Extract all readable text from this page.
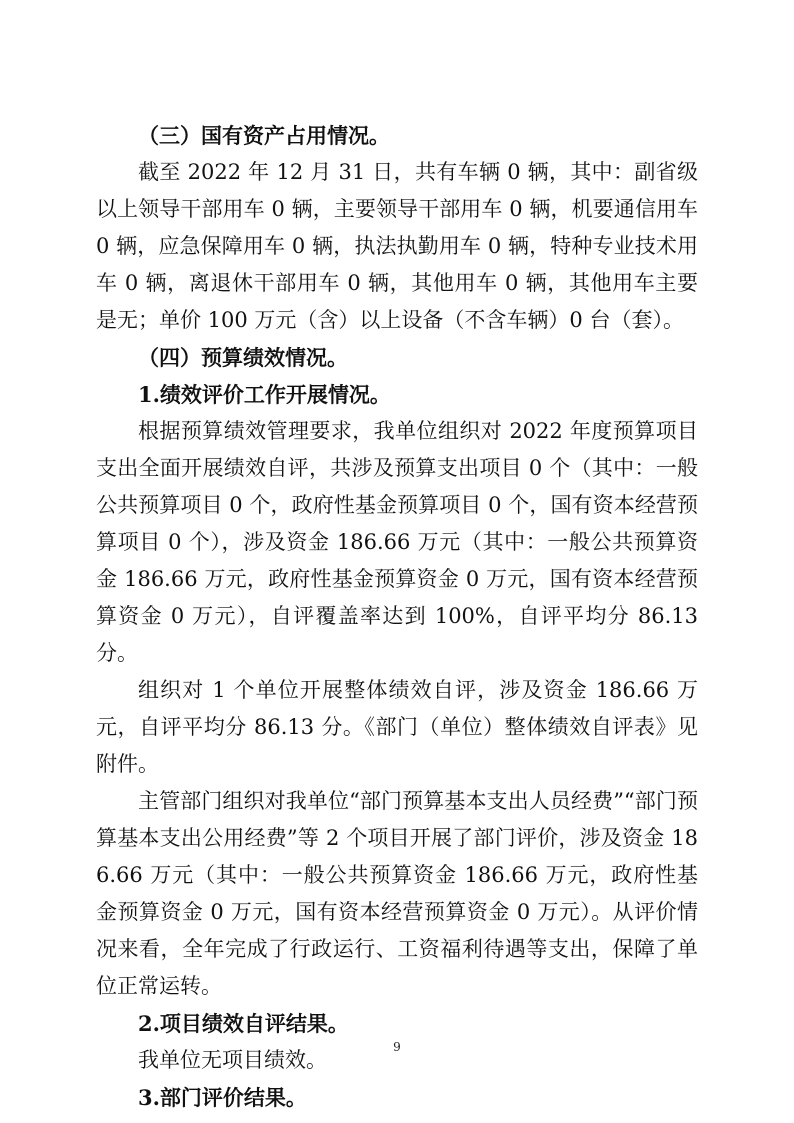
（三）国有资产占用情况。

截至 2022 年 12 月 31 日，共有车辆 0 辆，其中：副省级以上领导干部用车 0 辆，主要领导干部用车 0 辆，机要通信用车 0 辆，应急保障用车 0 辆，执法执勤用车 0 辆，特种专业技术用车 0 辆，离退休干部用车 0 辆，其他用车 0 辆，其他用车主要是无；单价 100 万元（含）以上设备（不含车辆）0 台（套）。

（四）预算绩效情况。

1.绩效评价工作开展情况。

根据预算绩效管理要求，我单位组织对 2022 年度预算项目支出全面开展绩效自评，共涉及预算支出项目 0 个（其中：一般公共预算项目 0 个，政府性基金预算项目 0 个，国有资本经营预算项目 0 个），涉及资金 186.66 万元（其中：一般公共预算资金 186.66 万元，政府性基金预算资金 0 万元，国有资本经营预算资金 0 万元），自评覆盖率达到 100%，自评平均分 86.13 分。

组织对 1 个单位开展整体绩效自评，涉及资金 186.66 万元，自评平均分 86.13 分。《部门（单位）整体绩效自评表》见附件。

主管部门组织对我单位“部门预算基本支出人员经费”“部门预算基本支出公用经费”等 2 个项目开展了部门评价，涉及资金 186.66 万元（其中：一般公共预算资金 186.66 万元，政府性基金预算资金 0 万元，国有资本经营预算资金 0 万元）。从评价情况来看，全年完成了行政运行、工资福利待遇等支出，保障了单位正常运转。

2.项目绩效自评结果。

我单位无项目绩效。

3.部门评价结果。

9
